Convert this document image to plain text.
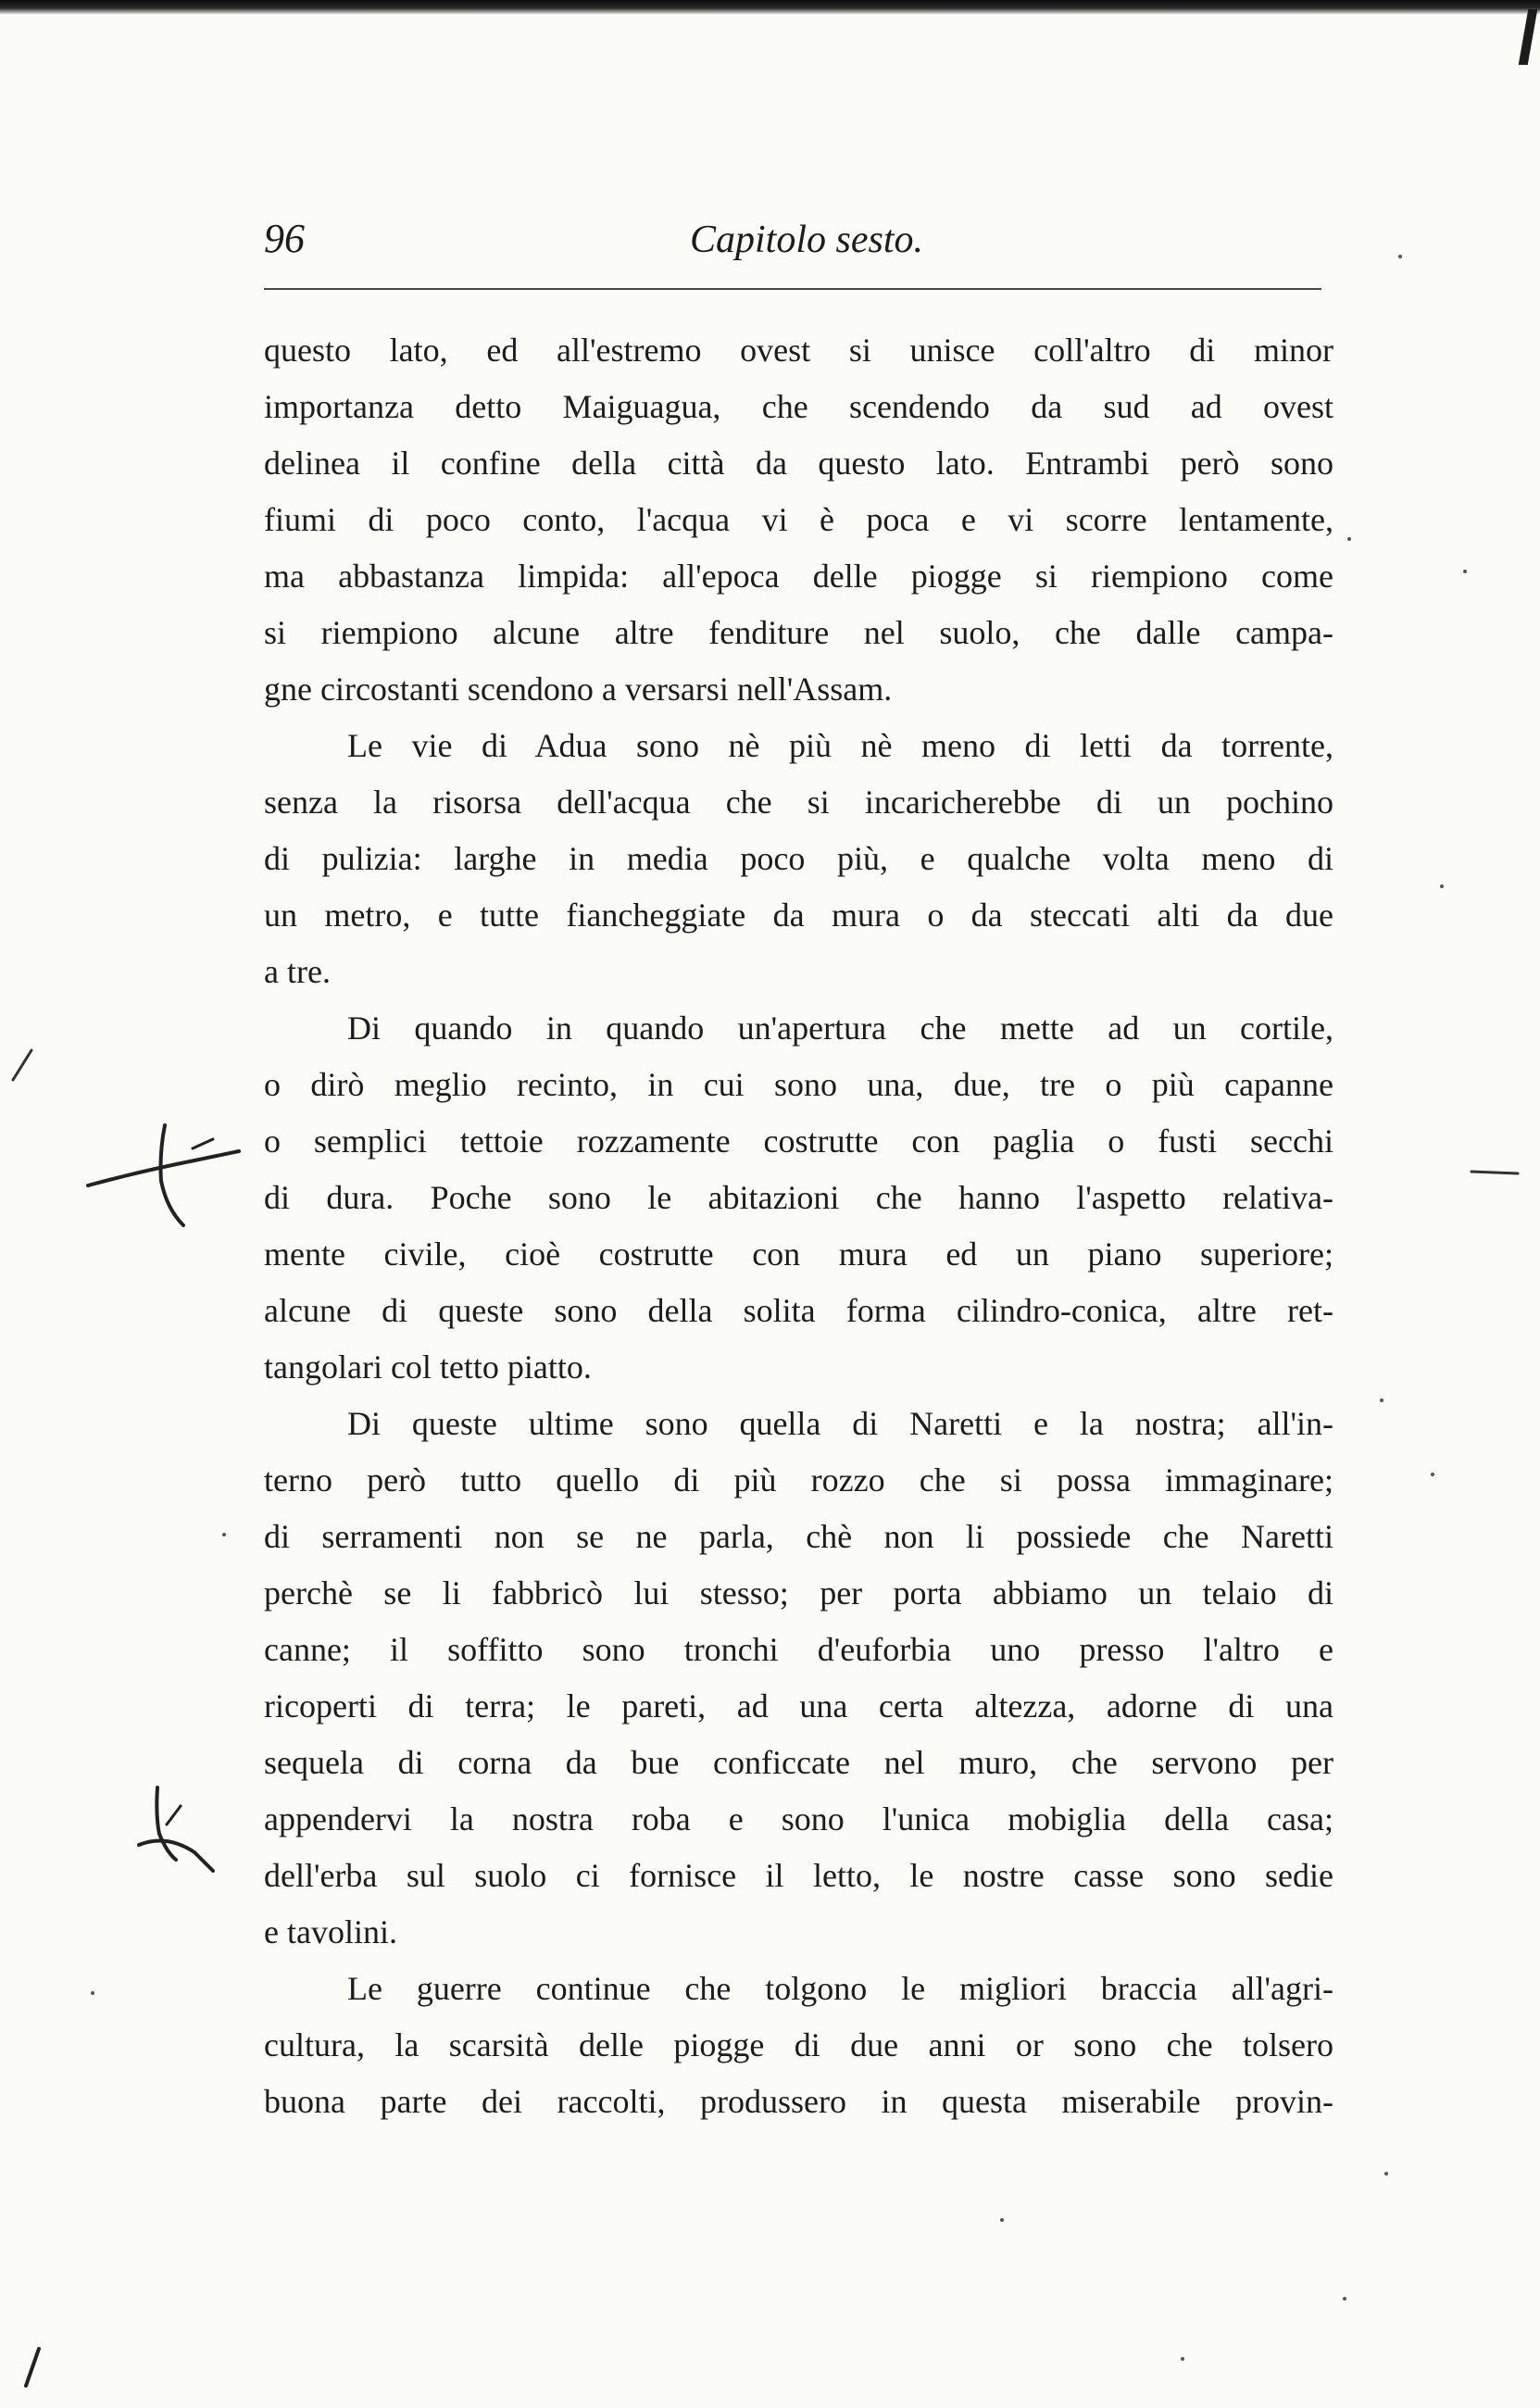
96	Capitolo sesto.
questo lato, ed all'estremo ovest si unisce coll'altro di minor
importanza detto Maiguagua, che scendendo da sud ad ovest
delinea il confine della città da questo lato. Entrambi però sono
fiumi di poco conto, l'acqua vi è poca e vi scorre lentamente,
ma abbastanza limpida: all'epoca delle piogge si riempiono come
si riempiono alcune altre fenditure nel suolo, che dalle campa-
gne circostanti scendono a versarsi nell'Assam.
Le vie di Adua sono nè più nè meno di letti da torrente,
senza la risorsa dell'acqua che si incaricherebbe di un pochino
di pulizia: larghe in media poco più, e qualche volta meno di
un metro, e tutte fiancheggiate da mura o da steccati alti da due
a tre.
Di quando in quando un'apertura che mette ad un cortile,
o dirò meglio recinto, in cui sono una, due, tre o più capanne
o semplici tettoie rozzamente costrutte con paglia o fusti secchi
di dura. Poche sono le abitazioni che hanno l'aspetto relativa-
mente civile, cioè costrutte con mura ed un piano superiore;
alcune di queste sono della solita forma cilindro-conica, altre ret-
tangolari col tetto piatto.
Di queste ultime sono quella di Naretti e la nostra; all'in-
terno però tutto quello di più rozzo che si possa immaginare;
di serramenti non se ne parla, chè non li possiede che Naretti
perchè se li fabbricò lui stesso; per porta abbiamo un telaio di
canne; il soffitto sono tronchi d'euforbia uno presso l'altro e
ricoperti di terra; le pareti, ad una certa altezza, adorne di una
sequela di corna da bue conficcate nel muro, che servono per
appendervi la nostra roba e sono l'unica mobiglia della casa;
dell'erba sul suolo ci fornisce il letto, le nostre casse sono sedie
e tavolini.
Le guerre continue che tolgono le migliori braccia all'agri-
cultura, la scarsità delle piogge di due anni or sono che tolsero
buona parte dei raccolti, produssero in questa miserabile provin-
